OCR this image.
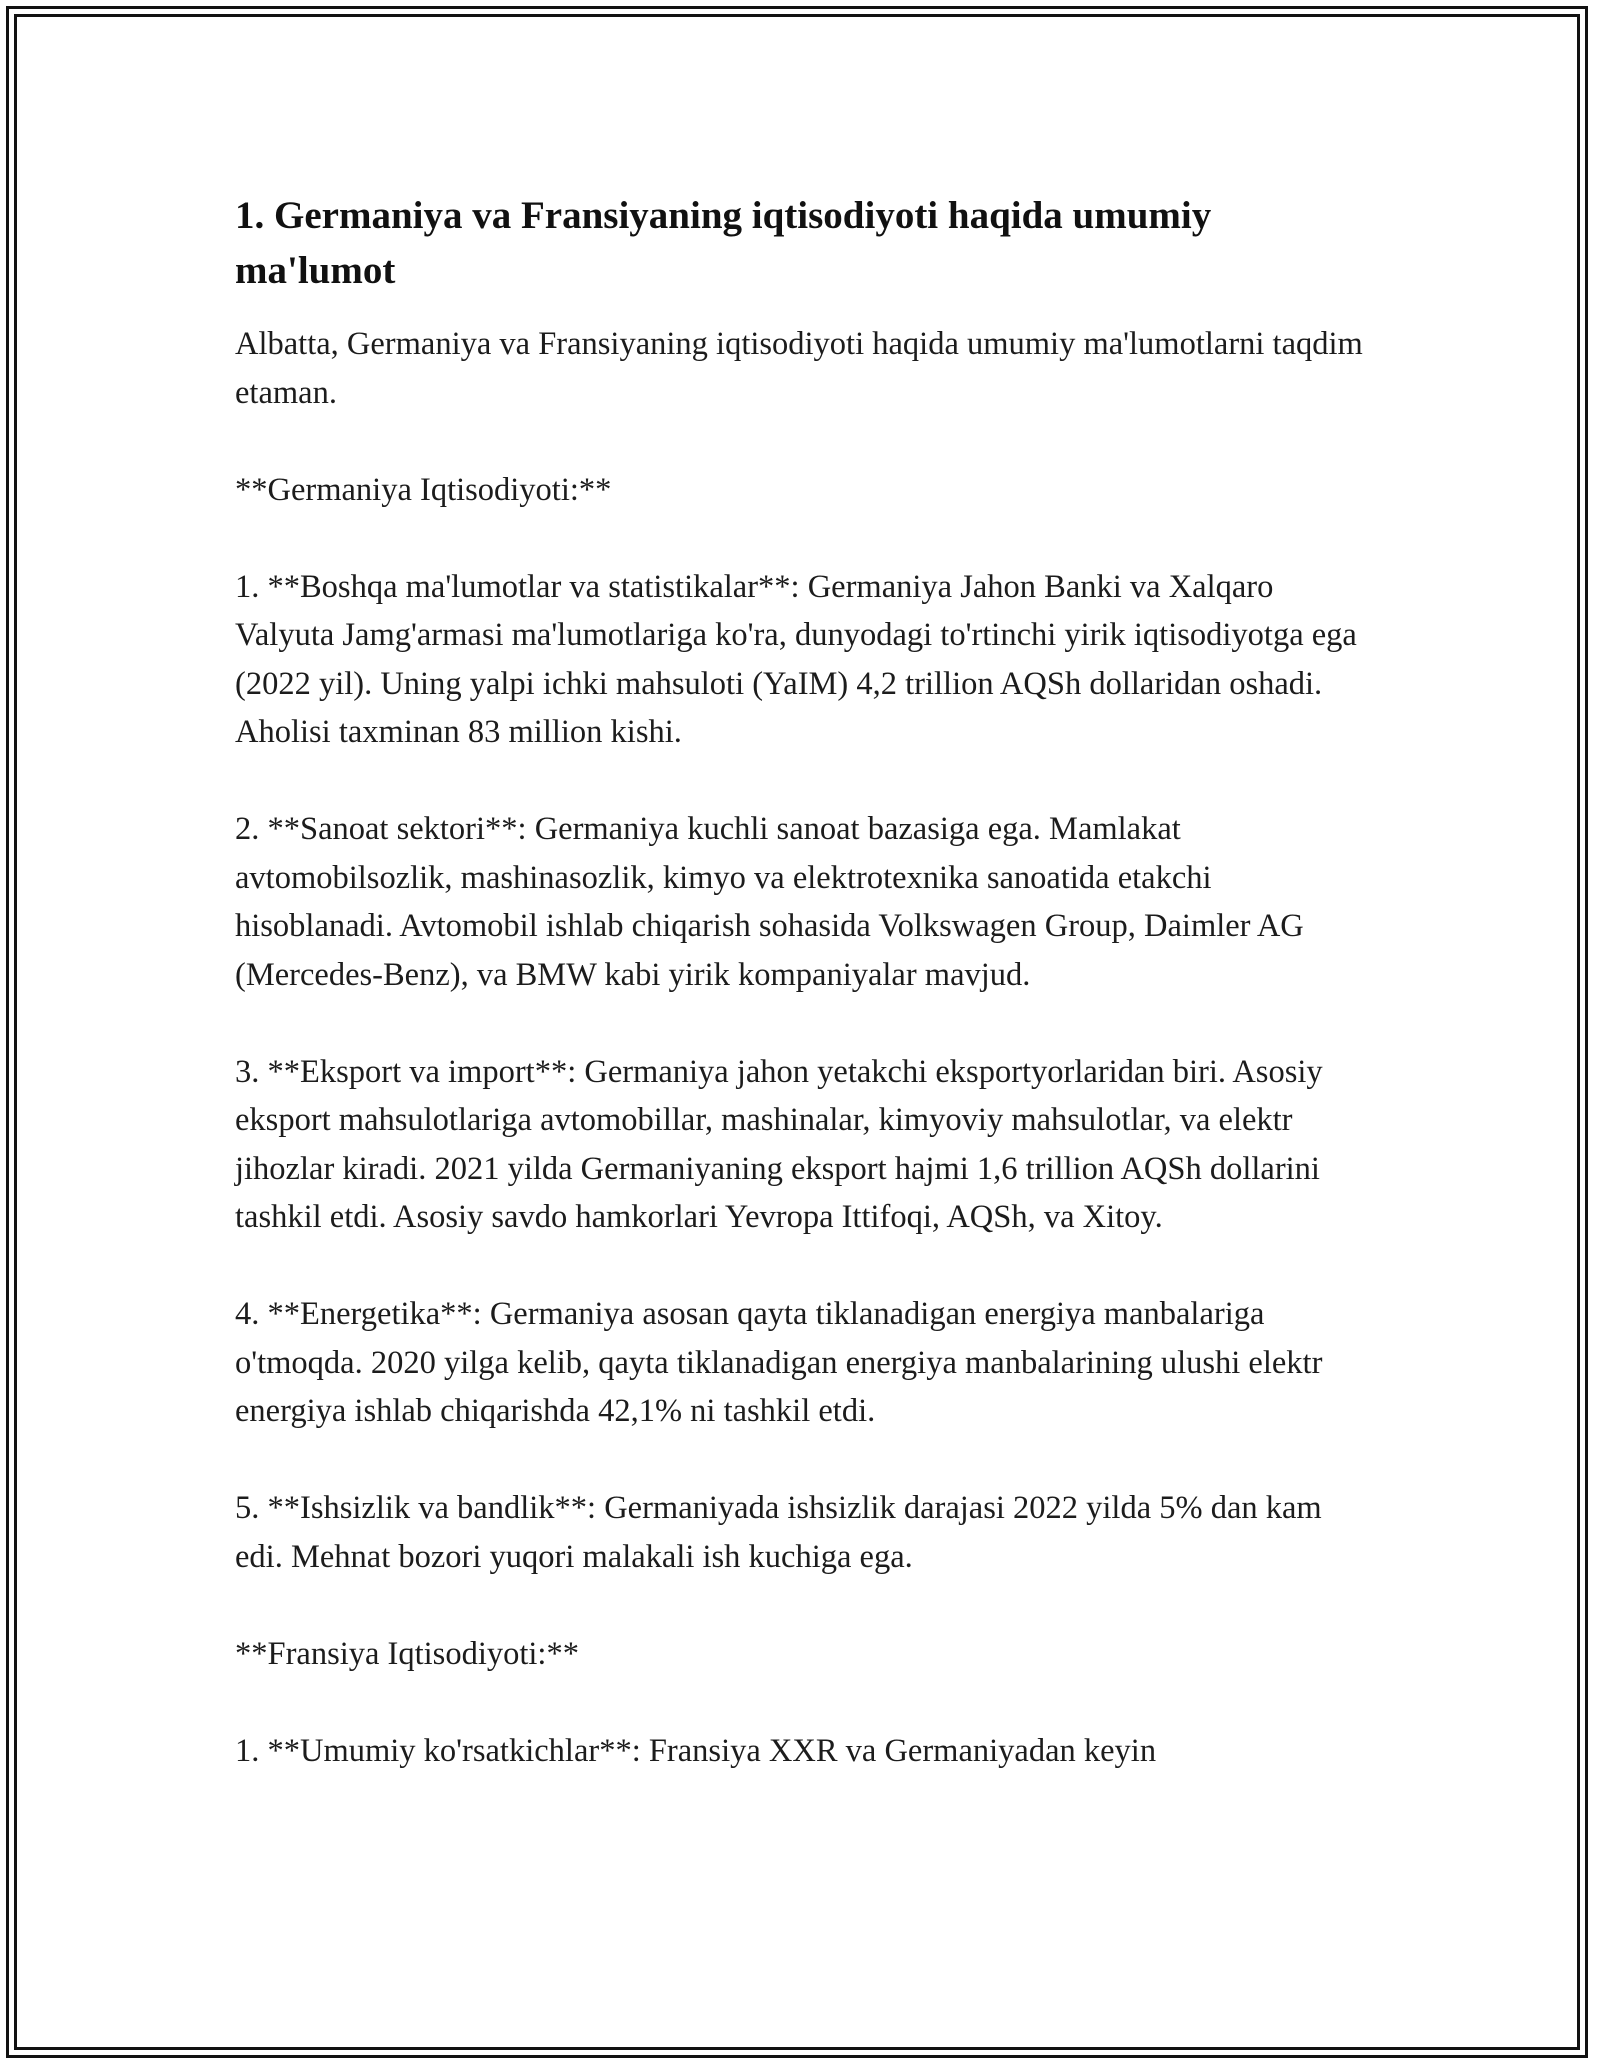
1. Germaniya va Fransiyaning iqtisodiyoti haqida umumiy ma'lumot

Albatta, Germaniya va Fransiyaning iqtisodiyoti haqida umumiy ma'lumotlarni taqdim etaman.

**Germaniya Iqtisodiyoti:**

1. **Boshqa ma'lumotlar va statistikalar**: Germaniya Jahon Banki va Xalqaro Valyuta Jamg'armasi ma'lumotlariga ko'ra, dunyodagi to'rtinchi yirik iqtisodiyotga ega (2022 yil). Uning yalpi ichki mahsuloti (YaIM) 4,2 trillion AQSh dollaridan oshadi. Aholisi taxminan 83 million kishi.

2. **Sanoat sektori**: Germaniya kuchli sanoat bazasiga ega. Mamlakat avtomobilsozlik, mashinasozlik, kimyo va elektrotexnika sanoatida etakchi hisoblanadi. Avtomobil ishlab chiqarish sohasida Volkswagen Group, Daimler AG (Mercedes-Benz), va BMW kabi yirik kompaniyalar mavjud.

3. **Eksport va import**: Germaniya jahon yetakchi eksportyorlaridan biri. Asosiy eksport mahsulotlariga avtomobillar, mashinalar, kimyoviy mahsulotlar, va elektr jihozlar kiradi. 2021 yilda Germaniyaning eksport hajmi 1,6 trillion AQSh dollarini tashkil etdi. Asosiy savdo hamkorlari Yevropa Ittifoqi, AQSh, va Xitoy.

4. **Energetika**: Germaniya asosan qayta tiklanadigan energiya manbalariga o'tmoqda. 2020 yilga kelib, qayta tiklanadigan energiya manbalarining ulushi elektr energiya ishlab chiqarishda 42,1% ni tashkil etdi.

5. **Ishsizlik va bandlik**: Germaniyada ishsizlik darajasi 2022 yilda 5% dan kam edi. Mehnat bozori yuqori malakali ish kuchiga ega.

**Fransiya Iqtisodiyoti:**

1. **Umumiy ko'rsatkichlar**: Fransiya XXR va Germaniyadan keyin
